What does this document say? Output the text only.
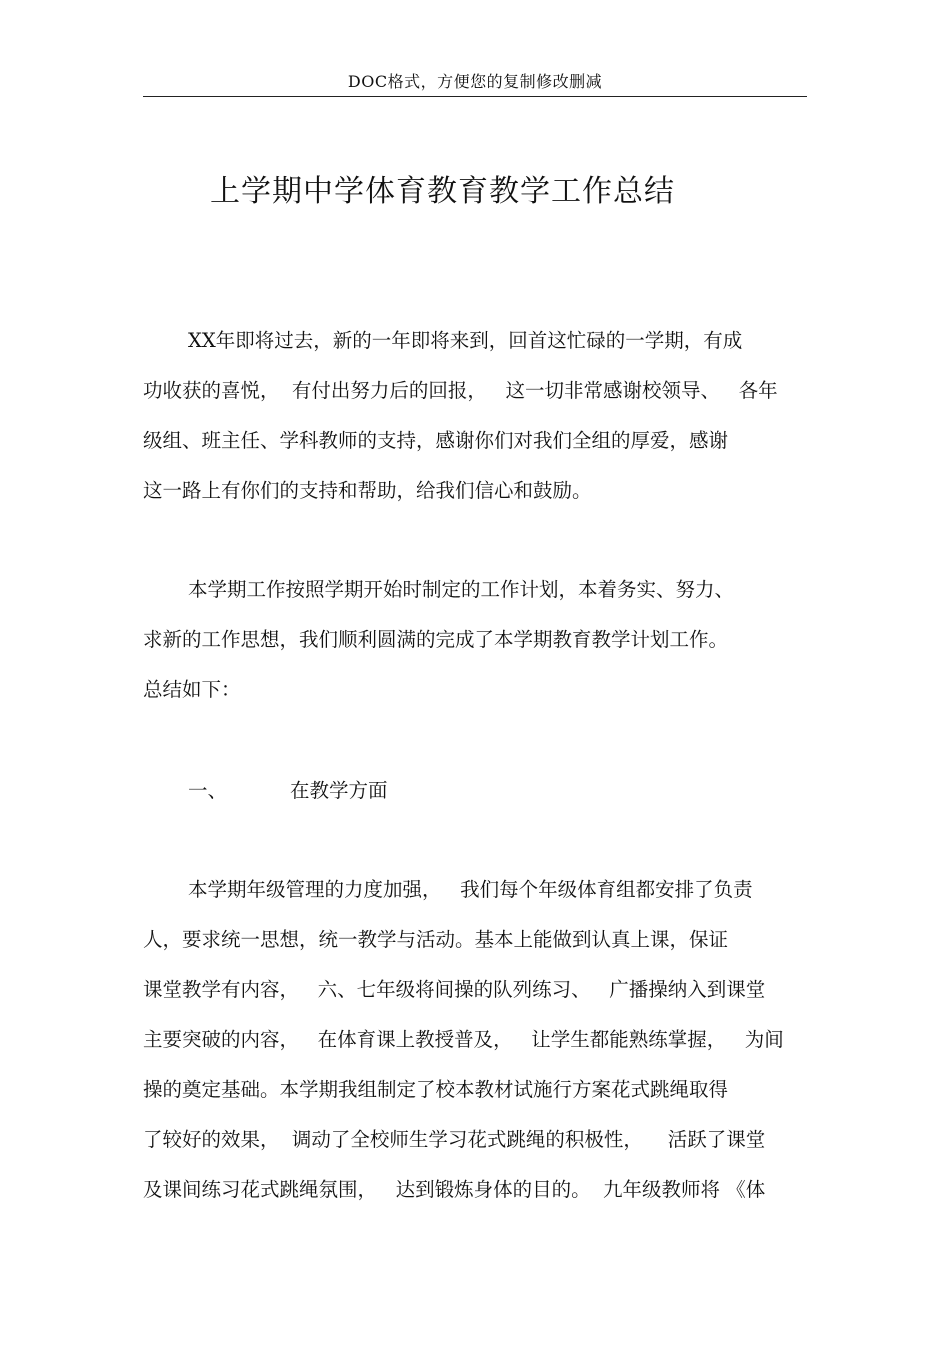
DOC格式，方便您的复制修改删减
上学期中学体育教育教学工作总结
XX年即将过去，新的一年即将来到，回首这忙碌的一学期，有成
功收获的喜悦，  有付出努力后的回报，   这一切非常感谢校领导、   各年
级组、班主任、学科教师的支持，感谢你们对我们全组的厚爱，感谢
这一路上有你们的支持和帮助，给我们信心和鼓励。
本学期工作按照学期开始时制定的工作计划，本着务实、努力、
求新的工作思想，我们顺利圆满的完成了本学期教育教学计划工作。
总结如下：
一、	在教学方面
本学期年级管理的力度加强，   我们每个年级体育组都安排了负责
人，要求统一思想，统一教学与活动。基本上能做到认真上课，保证
课堂教学有内容，   六、七年级将间操的队列练习、   广播操纳入到课堂
主要突破的内容，   在体育课上教授普及，   让学生都能熟练掌握，   为间
操的奠定基础。本学期我组制定了校本教材试施行方案花式跳绳取得
了较好的效果，  调动了全校师生学习花式跳绳的积极性，    活跃了课堂
及课间练习花式跳绳氛围，   达到锻炼身体的目的。  九年级教师将 《体
